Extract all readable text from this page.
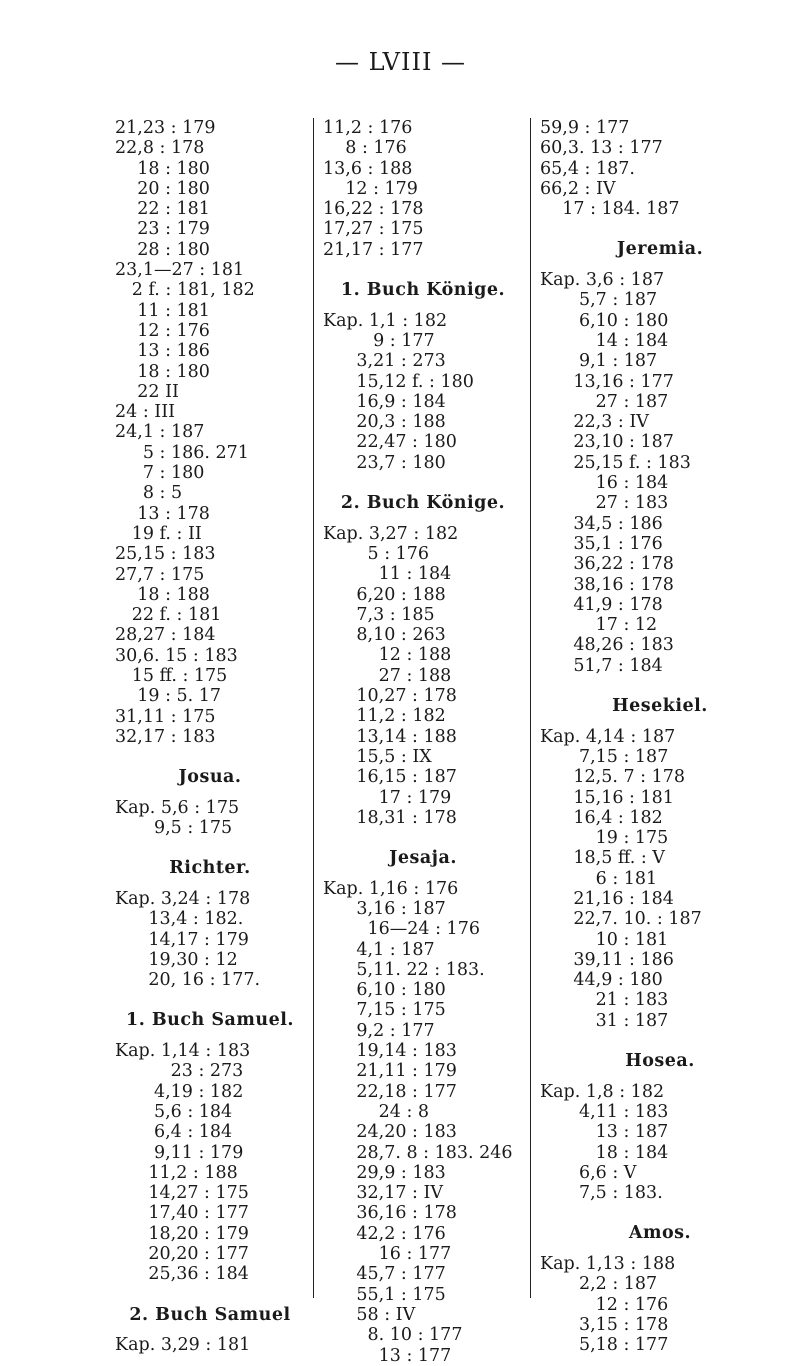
— LVIII —
21,23 : 179
22,8 : 178
18 : 180
20 : 180
22 : 181
23 : 179
28 : 180
23,1—27 : 181
2 f. : 181, 182
11 : 181
12 : 176
13 : 186
18 : 180
22 II
24 : III
24,1 : 187
5 : 186. 271
7 : 180
8 : 5
13 : 178
19 f. : II
25,15 : 183
27,7 : 175
18 : 188
22 f. : 181
28,27 : 184
30,6. 15 : 183
15 ff. : 175
19 : 5. 17
31,11 : 175
32,17 : 183
Josua.
Kap. 5,6 : 175
9,5 : 175
Richter.
Kap. 3,24 : 178
13,4 : 182.
14,17 : 179
19,30 : 12
20, 16 : 177.
1. Buch Samuel.
Kap. 1,14 : 183
23 : 273
4,19 : 182
5,6 : 184
6,4 : 184
9,11 : 179
11,2 : 188
14,27 : 175
17,40 : 177
18,20 : 179
20,20 : 177
25,36 : 184
2. Buch Samuel
Kap. 3,29 : 181
11,2 : 176
8 : 176
13,6 : 188
12 : 179
16,22 : 178
17,27 : 175
21,17 : 177
1. Buch Könige.
Kap. 1,1 : 182
9 : 177
3,21 : 273
15,12 f. : 180
16,9 : 184
20,3 : 188
22,47 : 180
23,7 : 180
2. Buch Könige.
Kap. 3,27 : 182
5 : 176
11 : 184
6,20 : 188
7,3 : 185
8,10 : 263
12 : 188
27 : 188
10,27 : 178
11,2 : 182
13,14 : 188
15,5 : IX
16,15 : 187
17 : 179
18,31 : 178
Jesaja.
Kap. 1,16 : 176
3,16 : 187
16—24 : 176
4,1 : 187
5,11. 22 : 183.
6,10 : 180
7,15 : 175
9,2 : 177
19,14 : 183
21,11 : 179
22,18 : 177
24 : 8
24,20 : 183
28,7. 8 : 183. 246
29,9 : 183
32,17 : IV
36,16 : 178
42,2 : 176
16 : 177
45,7 : 177
55,1 : 175
58 : IV
8. 10 : 177
13 : 177
59,9 : 177
60,3. 13 : 177
65,4 : 187.
66,2 : IV
17 : 184. 187
Jeremia.
Kap. 3,6 : 187
5,7 : 187
6,10 : 180
14 : 184
9,1 : 187
13,16 : 177
27 : 187
22,3 : IV
23,10 : 187
25,15 f. : 183
16 : 184
27 : 183
34,5 : 186
35,1 : 176
36,22 : 178
38,16 : 178
41,9 : 178
17 : 12
48,26 : 183
51,7 : 184
Hesekiel.
Kap. 4,14 : 187
7,15 : 187
12,5. 7 : 178
15,16 : 181
16,4 : 182
19 : 175
18,5 ff. : V
6 : 181
21,16 : 184
22,7. 10. : 187
10 : 181
39,11 : 186
44,9 : 180
21 : 183
31 : 187
Hosea.
Kap. 1,8 : 182
4,11 : 183
13 : 187
18 : 184
6,6 : V
7,5 : 183.
Amos.
Kap. 1,13 : 188
2,2 : 187
12 : 176
3,15 : 178
5,18 : 177
